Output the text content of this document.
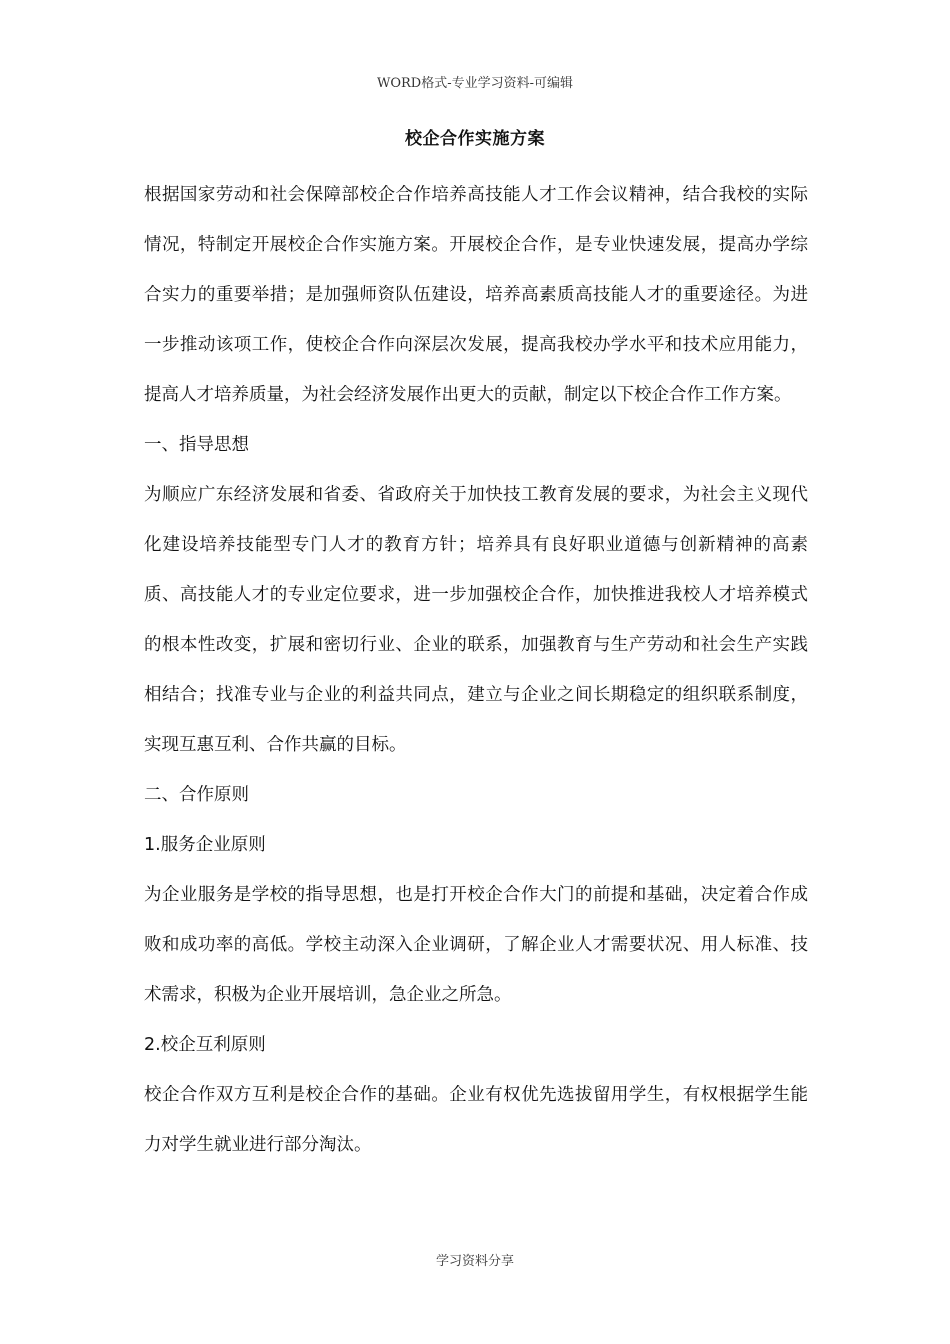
WORD格式-专业学习资料-可编辑
校企合作实施方案

根据国家劳动和社会保障部校企合作培养高技能人才工作会议精神，结合我校的实际情况，特制定开展校企合作实施方案。开展校企合作，是专业快速发展，提高办学综合实力的重要举措；是加强师资队伍建设，培养高素质高技能人才的重要途径。为进一步推动该项工作，使校企合作向深层次发展，提高我校办学水平和技术应用能力，提高人才培养质量，为社会经济发展作出更大的贡献，制定以下校企合作工作方案。

一、指导思想

为顺应广东经济发展和省委、省政府关于加快技工教育发展的要求，为社会主义现代化建设培养技能型专门人才的教育方针；培养具有良好职业道德与创新精神的高素质、高技能人才的专业定位要求，进一步加强校企合作，加快推进我校人才培养模式的根本性改变，扩展和密切行业、企业的联系，加强教育与生产劳动和社会生产实践相结合；找准专业与企业的利益共同点，建立与企业之间长期稳定的组织联系制度，实现互惠互利、合作共赢的目标。

二、合作原则

1.服务企业原则

为企业服务是学校的指导思想，也是打开校企合作大门的前提和基础，决定着合作成败和成功率的高低。学校主动深入企业调研，了解企业人才需要状况、用人标准、技术需求，积极为企业开展培训，急企业之所急。

2.校企互利原则

校企合作双方互利是校企合作的基础。企业有权优先选拔留用学生，有权根据学生能力对学生就业进行部分淘汰。

学习资料分享
